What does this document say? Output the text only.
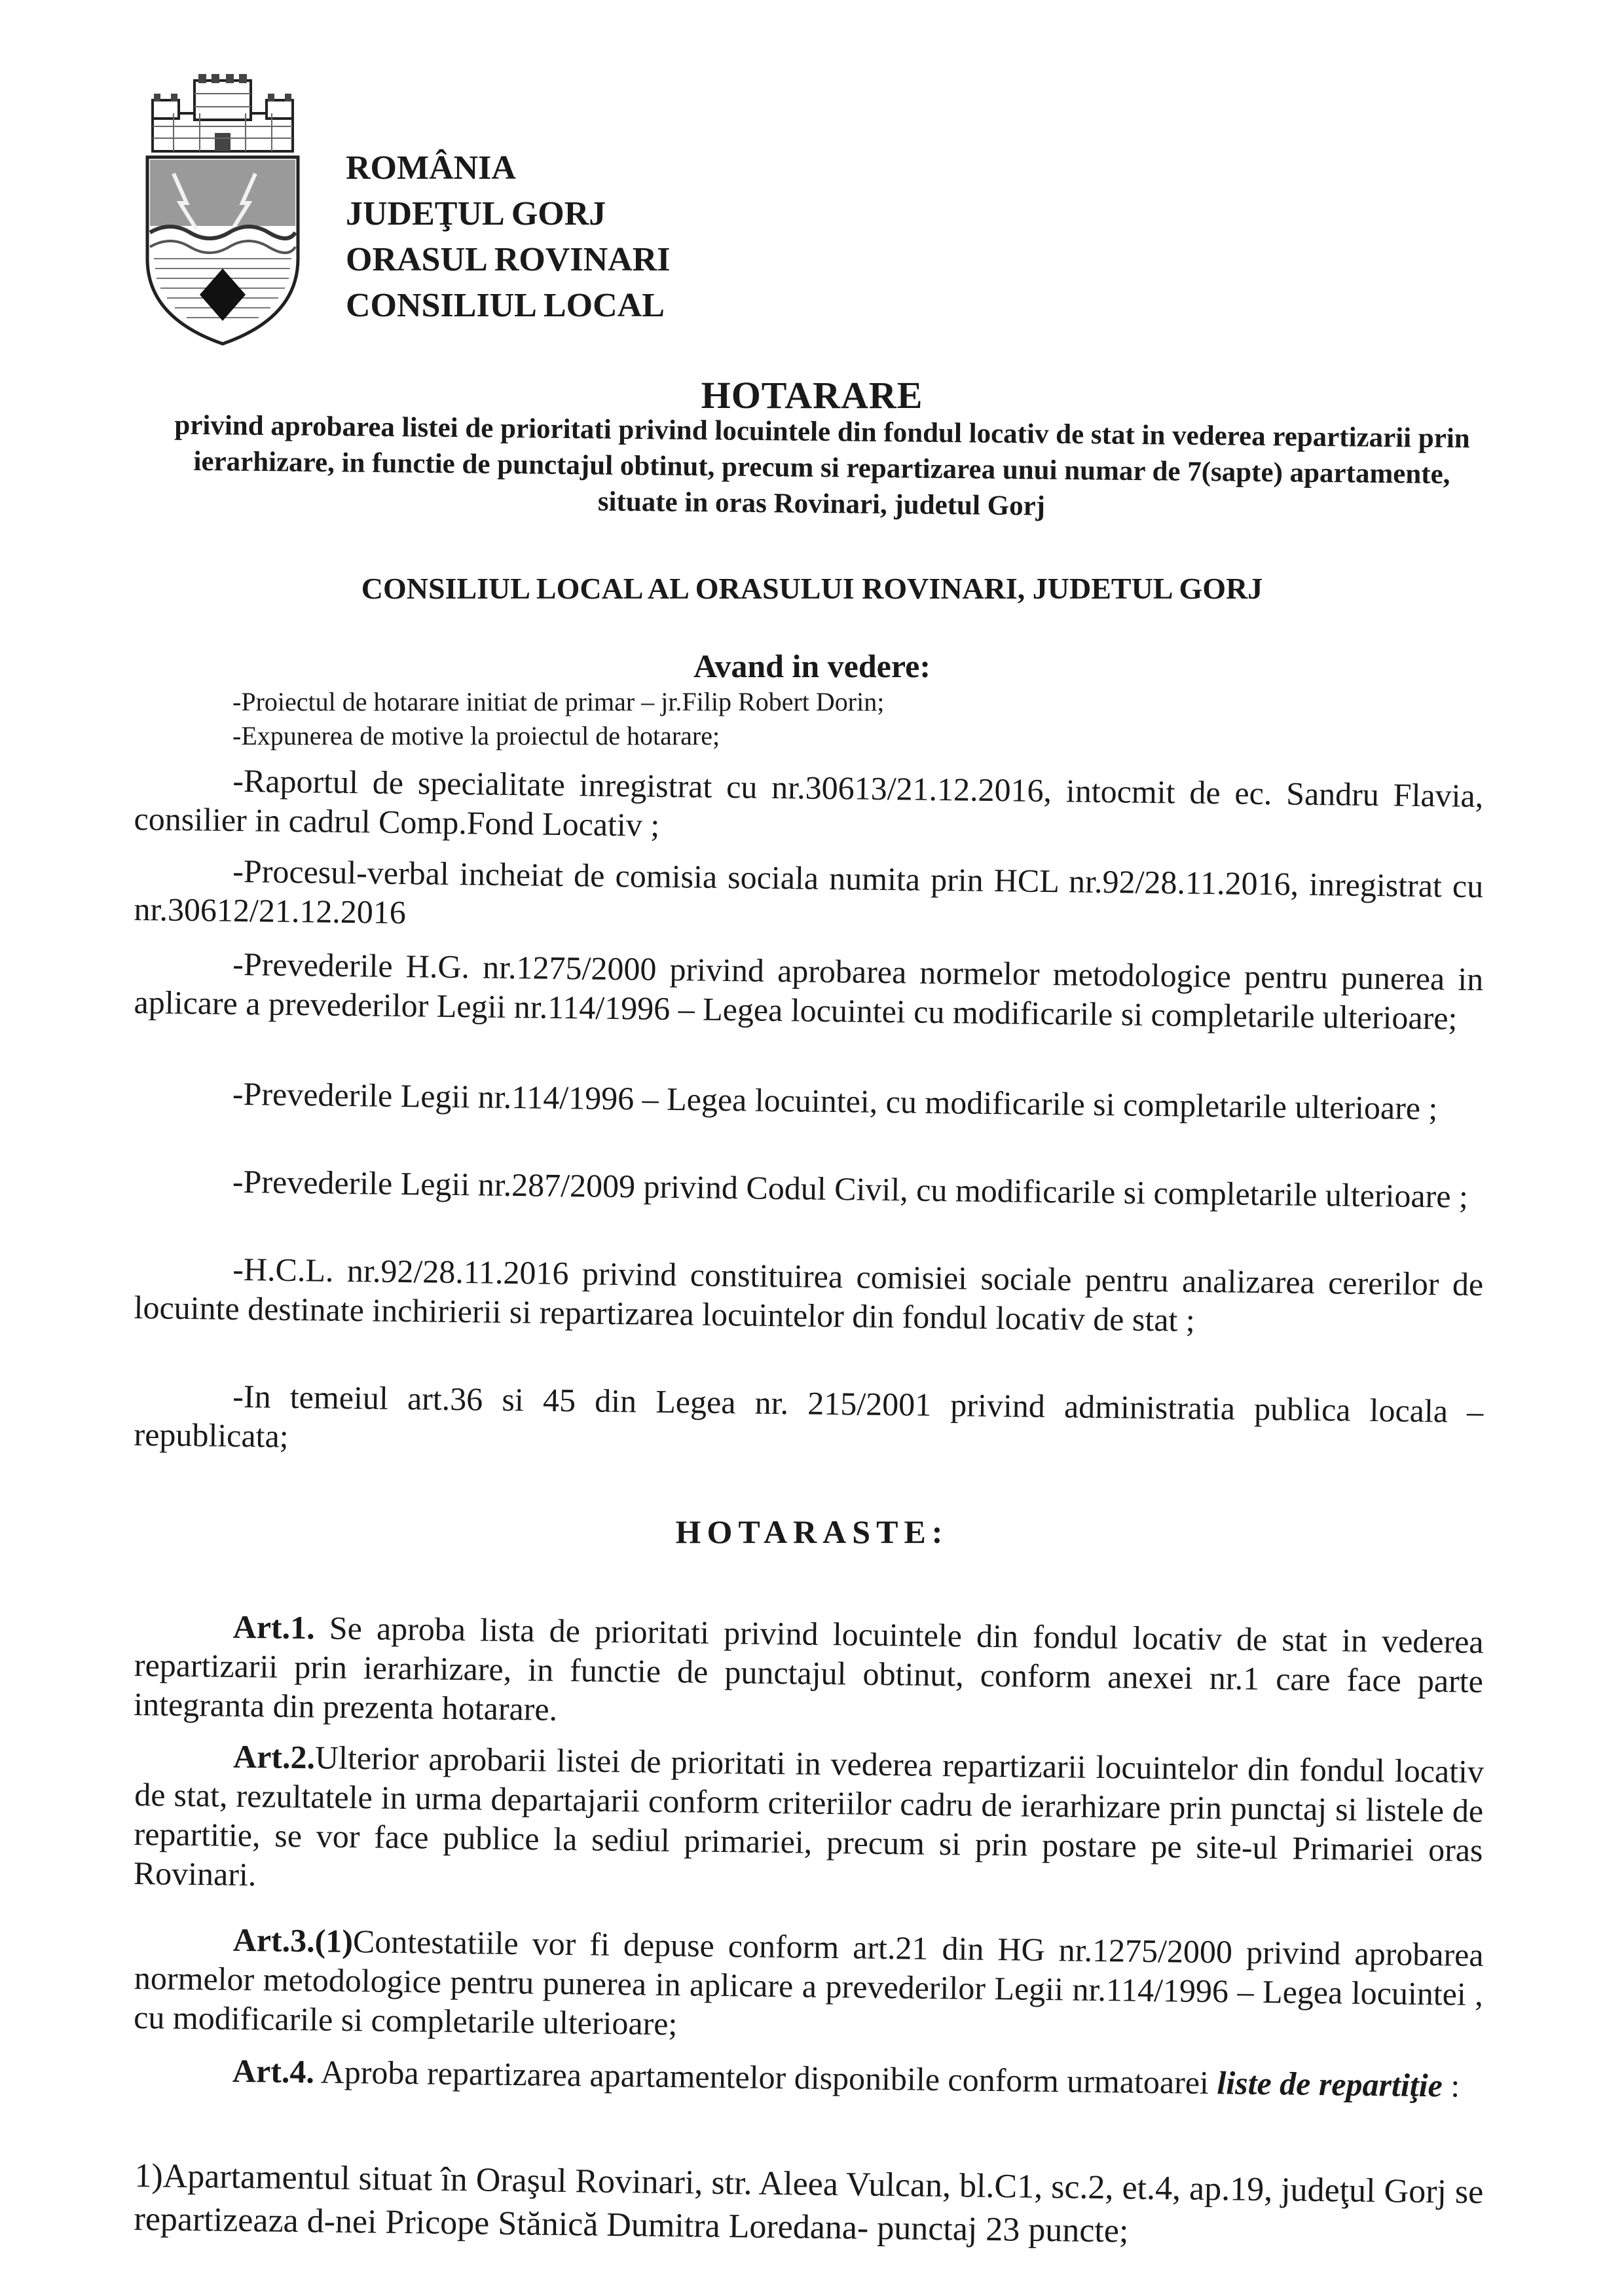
ROMÂNIA
JUDEŢUL GORJ
ORASUL ROVINARI
CONSILIUL LOCAL
HOTARARE
privind aprobarea listei de prioritati privind locuintele din fondul locativ de stat in vederea repartizarii prin ierarhizare, in functie de punctajul obtinut, precum si repartizarea unui numar de 7(sapte) apartamente, situate in oras Rovinari, judetul Gorj
CONSILIUL LOCAL AL ORASULUI ROVINARI, JUDETUL GORJ
Avand in vedere:
-Proiectul de hotarare initiat de primar – jr.Filip Robert Dorin;
-Expunerea de motive la proiectul de hotarare;
-Raportul de specialitate inregistrat cu nr.30613/21.12.2016, intocmit de ec. Sandru Flavia, consilier in cadrul Comp.Fond Locativ ;
-Procesul-verbal incheiat de comisia sociala numita prin HCL nr.92/28.11.2016, inregistrat cu nr.30612/21.12.2016
-Prevederile H.G. nr.1275/2000 privind aprobarea normelor metodologice pentru punerea in aplicare a prevederilor Legii nr.114/1996 – Legea locuintei cu modificarile si completarile ulterioare;
-Prevederile Legii nr.114/1996 – Legea locuintei, cu modificarile si completarile ulterioare ;
-Prevederile Legii nr.287/2009 privind Codul Civil, cu modificarile si completarile ulterioare ;
-H.C.L. nr.92/28.11.2016 privind constituirea comisiei sociale pentru analizarea cererilor de locuinte destinate inchirierii si repartizarea locuintelor din fondul locativ de stat ;
-In temeiul art.36 si 45 din Legea nr. 215/2001 privind administratia publica locala – republicata;
HOTARASTE:
Art.1. Se aproba lista de prioritati privind locuintele din fondul locativ de stat in vederea repartizarii prin ierarhizare, in functie de punctajul obtinut, conform anexei nr.1 care face parte integranta din prezenta hotarare.
Art.2.Ulterior aprobarii listei de prioritati in vederea repartizarii locuintelor din fondul locativ de stat, rezultatele in urma departajarii conform criteriilor cadru de ierarhizare prin punctaj si listele de repartitie, se vor face publice la sediul primariei, precum si prin postare pe site-ul Primariei oras Rovinari.
Art.3.(1)Contestatiile vor fi depuse conform art.21 din HG nr.1275/2000 privind aprobarea normelor metodologice pentru punerea in aplicare a prevederilor Legii nr.114/1996 – Legea locuintei , cu modificarile si completarile ulterioare;
Art.4. Aproba repartizarea apartamentelor disponibile conform urmatoarei liste de repartiţie :
1)Apartamentul situat în Oraşul Rovinari, str. Aleea Vulcan, bl.C1, sc.2, et.4, ap.19, judeţul Gorj se repartizeaza d-nei Pricope Stănică Dumitra Loredana- punctaj 23 puncte;
